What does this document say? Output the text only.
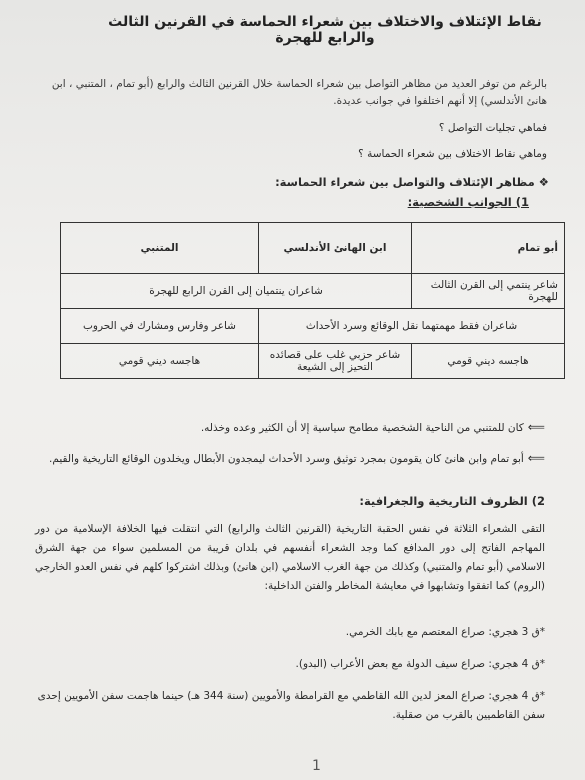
نقاط الإئتلاف والاختلاف بين شعراء الحماسة في القرنين الثالث والرابع للهجرة
بالرغم من توفر العديد من مظاهر التواصل بين شعراء الحماسة خلال القرنين الثالث والرابع (أبو تمام ، المتنبي ، ابن هانئ الأندلسي) إلا أنهم اختلفوا في جوانب عديدة.
فماهي تجليات التواصل ؟
وماهي نقاط الاختلاف بين شعراء الحماسة ؟
❖ مظاهر الإئتلاف والتواصل بين شعراء الحماسة:
1) الجوانب الشخصية:
أبو تمام	ابن الهانئ الأندلسي	المتنبي
شاعر ينتمي إلى القرن الثالث للهجرة	شاعران ينتميان إلى القرن الرابع للهجرة	
شاعران فقط مهمتهما نقل الوقائع وسرد الأحداث		شاعر وفارس ومشارك في الحروب
هاجسه ديني قومي	شاعر حزبي غلب على قصائده التحيز إلى الشيعة	هاجسه ديني قومي
⟸كان للمتنبي من الناحية الشخصية مطامح سياسية إلا أن الكثير وعده وخذله.
⟸أبو تمام وابن هانئ كان يقومون بمجرد توثيق وسرد الأحداث ليمجدون الأبطال ويخلدون الوقائع التاريخية والقيم.
2) الظروف التاريخية والجغرافية:
التقى الشعراء الثلاثة في نفس الحقبة التاريخية (القرنين الثالث والرابع) التي انتقلت فيها الخلافة الإسلامية من دور المهاجم الفاتح إلى دور المدافع كما وجد الشعراء أنفسهم في بلدان قريبة من المسلمين سواء من جهة الشرق الاسلامي (أبو تمام والمتنبي) وكذلك من جهة الغرب الاسلامي (ابن هانئ) وبذلك اشتركوا كلهم في نفس العدو الخارجي (الروم) كما اتفقوا وتشابهوا في معايشة المخاطر والفتن الداخلية:
*ق 3 هجري: صراع المعتصم مع بابك الخرمي.
*ق 4 هجري: صراع سيف الدولة مع بعض الأعراب (البدو).
*ق 4 هجري: صراع المعز لدين الله القاطمي مع القرامطة والأمويين (سنة 344 هـ) حينما هاجمت سفن الأمويين إحدى سفن القاطميين بالقرب من صقلية.
1
